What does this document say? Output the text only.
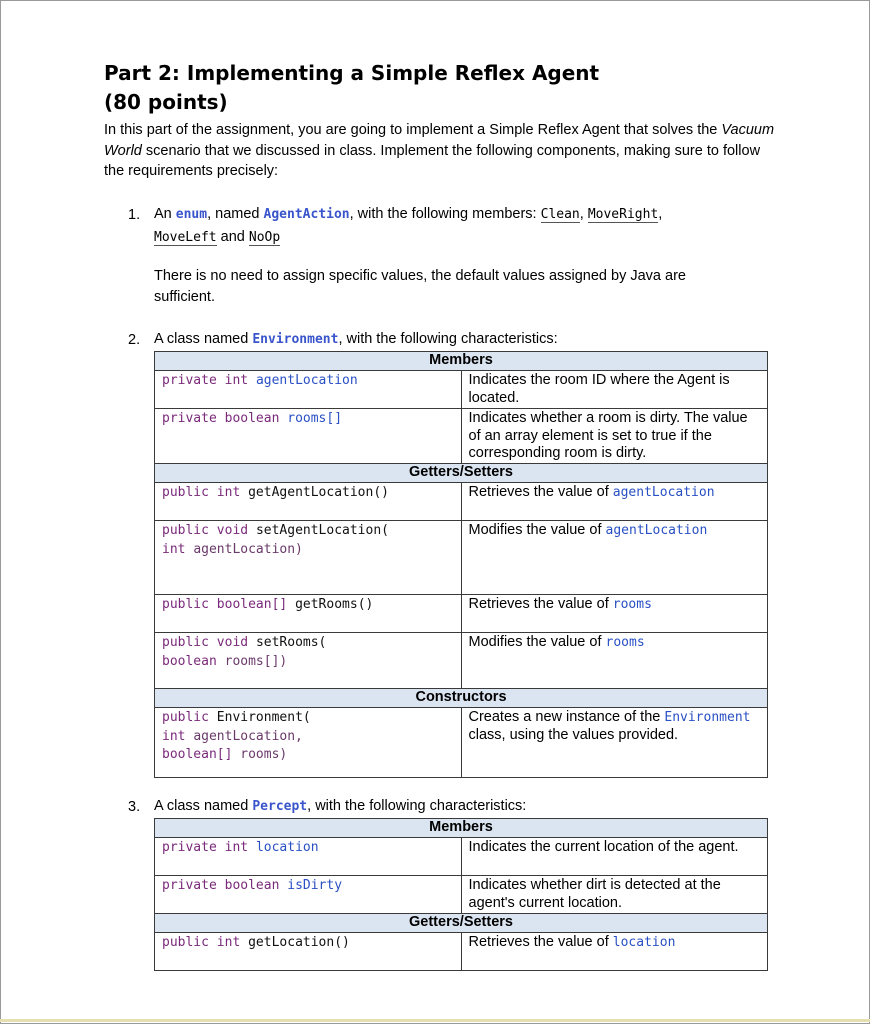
Part 2: Implementing a Simple Reflex Agent
(80 points)

In this part of the assignment, you are going to implement a Simple Reflex Agent that solves the Vacuum World scenario that we discussed in class. Implement the following components, making sure to follow the requirements precisely:

1. An enum, named AgentAction, with the following members: Clean, MoveRight,
MoveLeft and NoOp

There is no need to assign specific values, the default values assigned by Java are sufficient.

2. A class named Environment, with the following characteristics:

Members	
private int agentLocation	Indicates the room ID where the Agent is located.
private boolean rooms[]	Indicates whether a room is dirty. The value of an array element is set to true if the corresponding room is dirty.
Getters/Setters	
public int getAgentLocation()	Retrieves the value of agentLocation
public void setAgentLocation(
int agentLocation)	Modifies the value of agentLocation
public boolean[] getRooms()	Retrieves the value of rooms
public void setRooms(
boolean rooms[])	Modifies the value of rooms
Constructors	
public Environment(
int agentLocation,
boolean[] rooms)	Creates a new instance of the Environment class, using the values provided.
3. A class named Percept, with the following characteristics:

Members	
private int location	Indicates the current location of the agent.
private boolean isDirty	Indicates whether dirt is detected at the agent's current location.
Getters/Setters	
public int getLocation()	Retrieves the value of location
